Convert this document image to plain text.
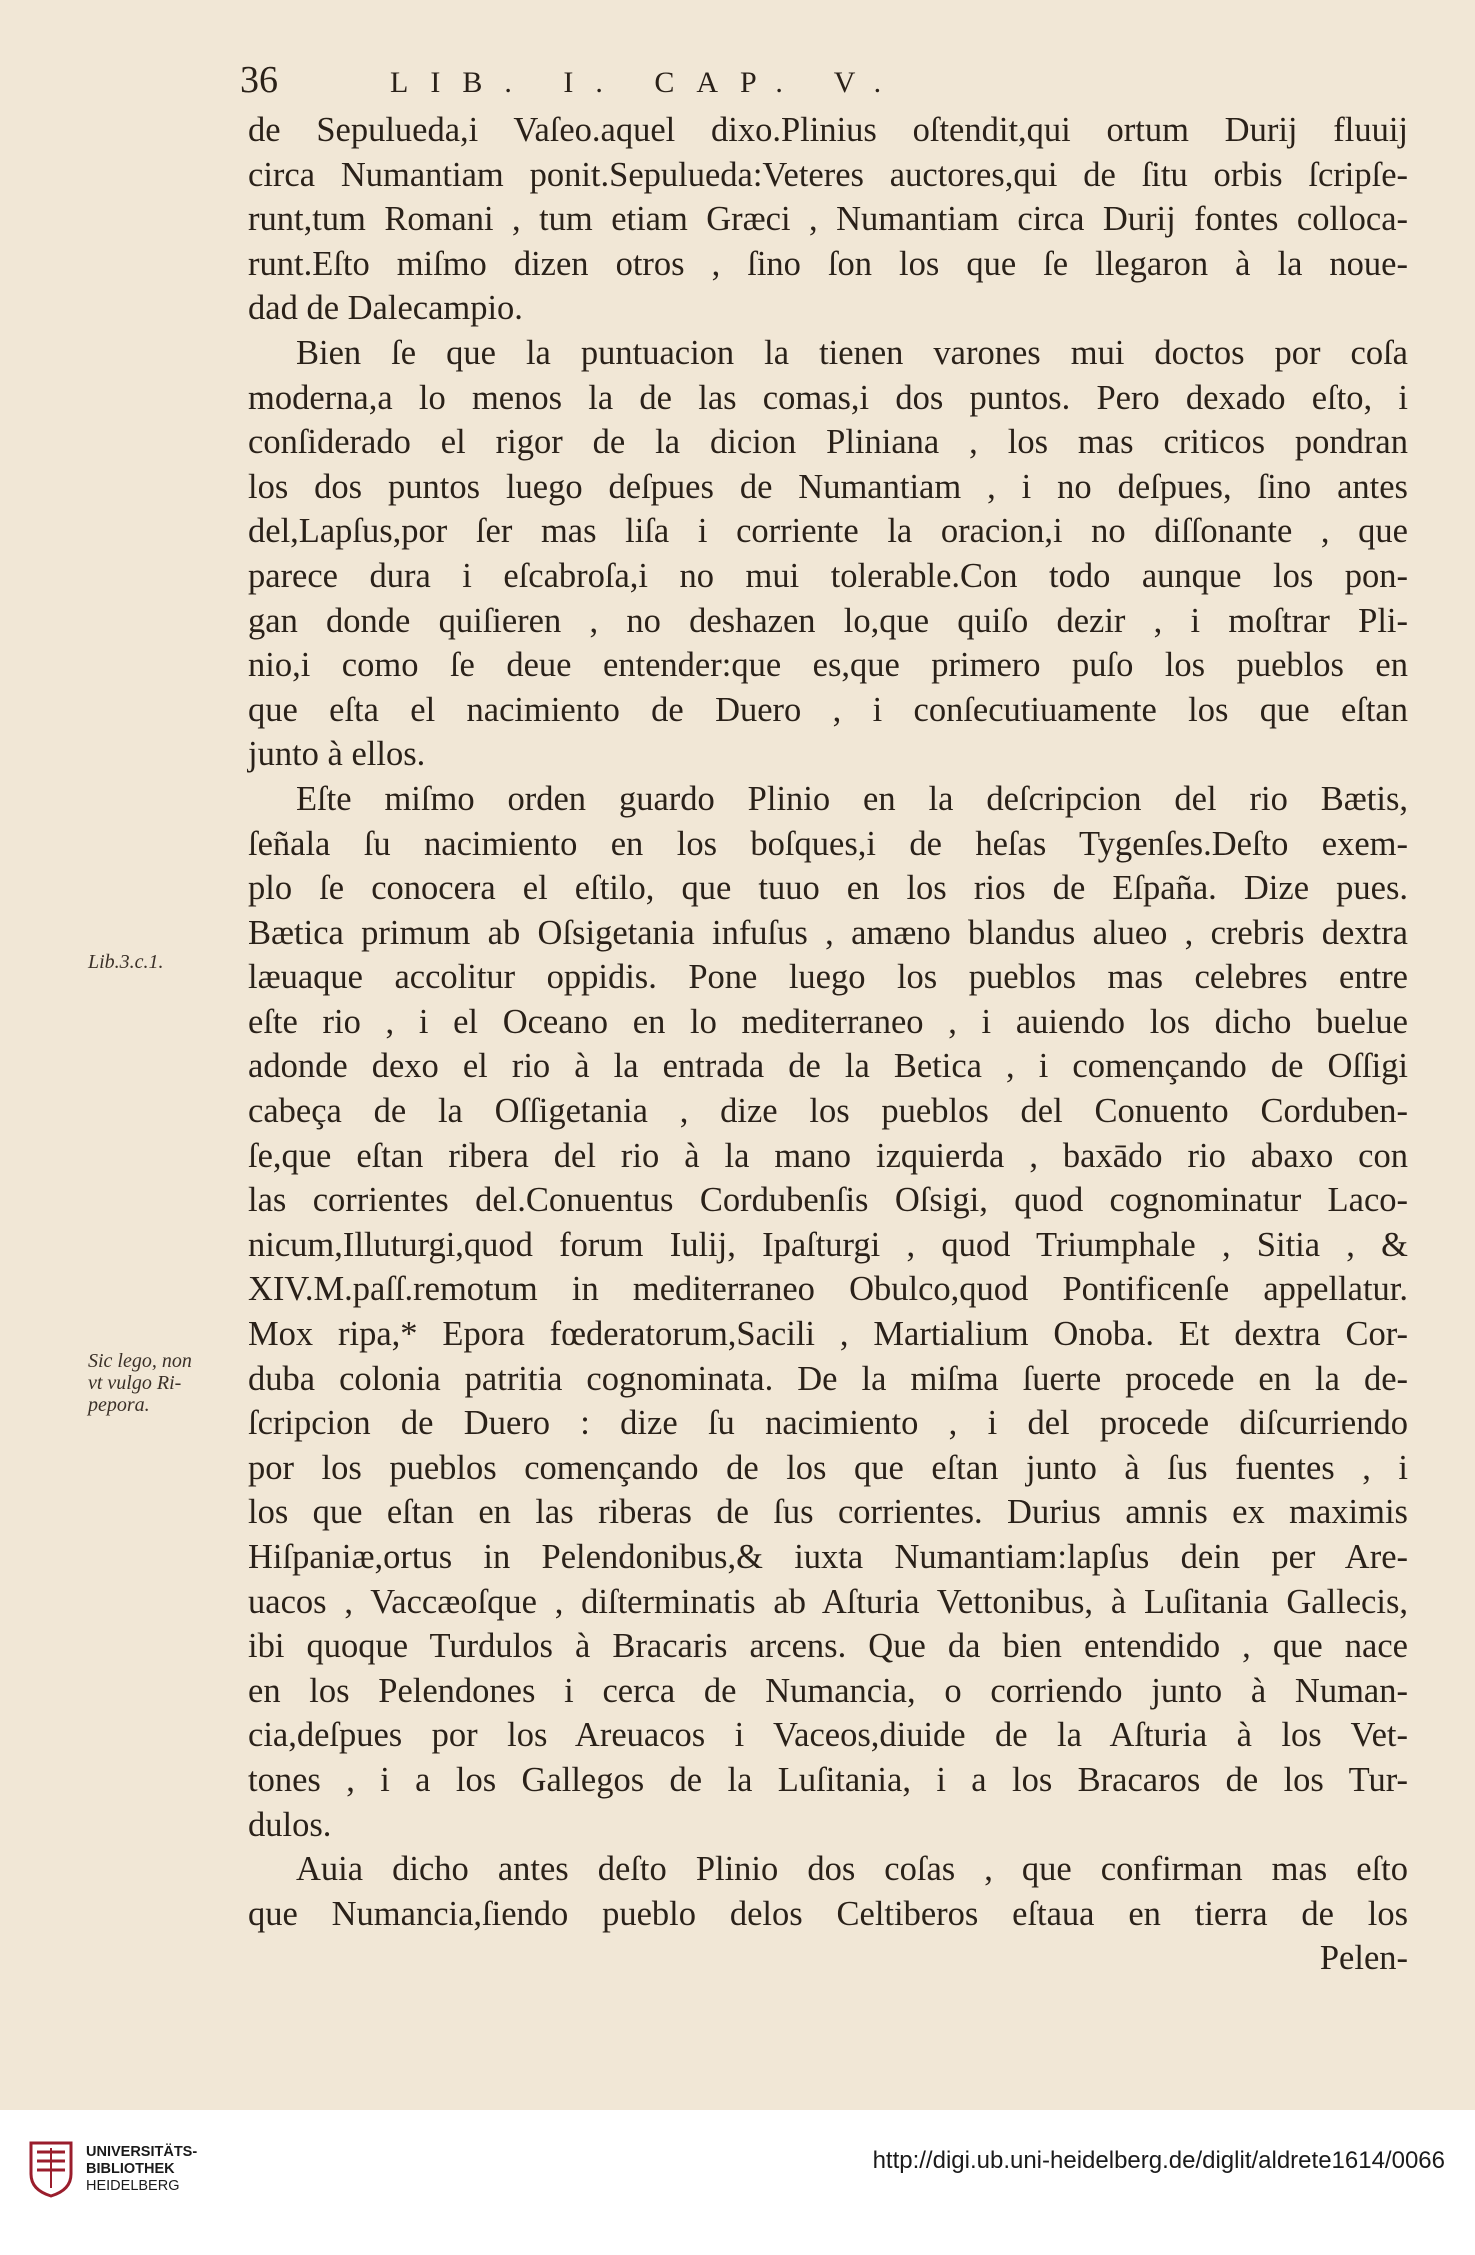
36	LIB. I. CAP. V.
de Sepulueda,i Vaſeo.aquel dixo.Plinius oſtendit,qui ortum Durij fluuij
circa Numantiam ponit.Sepulueda:Veteres auctores,qui de ſitu orbis ſcripſe-
runt,tum Romani , tum etiam Græci , Numantiam circa Durij fontes colloca-
runt.Eſto miſmo dizen otros , ſino ſon los que ſe llegaron à la noue-
dad de Dalecampio.
Bien ſe que la puntuacion la tienen varones mui doctos por coſa
moderna,a lo menos la de las comas,i dos puntos. Pero dexado eſto, i
conſiderado el rigor de la dicion Pliniana , los mas criticos pondran
los dos puntos luego deſpues de Numantiam , i no deſpues, ſino antes
del,Lapſus,por ſer mas liſa i corriente la oracion,i no diſſonante , que
parece dura i eſcabroſa,i no mui tolerable.Con todo aunque los pon-
gan donde quiſieren , no deshazen lo,que quiſo dezir , i moſtrar Pli-
nio,i como ſe deue entender:que es,que primero puſo los pueblos en
que eſta el nacimiento de Duero , i conſecutiuamente los que eſtan
junto à ellos.
Eſte miſmo orden guardo Plinio en la deſcripcion del rio Bætis,
ſeñala ſu nacimiento en los boſques,i de heſas Tygenſes.Deſto exem-
plo ſe conocera el eſtilo, que tuuo en los rios de Eſpaña. Dize pues.
Bætica primum ab Oſsigetania infuſus , amæno blandus alueo , crebris dextra
læuaque accolitur oppidis. Pone luego los pueblos mas celebres entre
eſte rio , i el Oceano en lo mediterraneo , i auiendo los dicho buelue
adonde dexo el rio à la entrada de la Betica , i començando de Oſſigi
cabeça de la Oſſigetania , dize los pueblos del Conuento Corduben-
ſe,que eſtan ribera del rio à la mano izquierda , baxādo rio abaxo con
las corrientes del.Conuentus Cordubenſis Oſsigi, quod cognominatur Laco-
nicum,Illuturgi,quod forum Iulij, Ipaſturgi , quod Triumphale , Sitia , &
XIV.M.paſſ.remotum in mediterraneo Obulco,quod Pontificenſe appellatur.
Mox ripa,* Epora fœderatorum,Sacili , Martialium Onoba. Et dextra Cor-
duba colonia patritia cognominata. De la miſma ſuerte procede en la de-
ſcripcion de Duero : dize ſu nacimiento , i del procede diſcurriendo
por los pueblos començando de los que eſtan junto à ſus fuentes , i
los que eſtan en las riberas de ſus corrientes. Durius amnis ex maximis
Hiſpaniæ,ortus in Pelendonibus,& iuxta Numantiam:lapſus dein per Are-
uacos , Vaccæoſque , diſterminatis ab Aſturia Vettonibus, à Luſitania Gallecis,
ibi quoque Turdulos à Bracaris arcens. Que da bien entendido , que nace
en los Pelendones i cerca de Numancia, o corriendo junto à Numan-
cia,deſpues por los Areuacos i Vaceos,diuide de la Aſturia à los Vet-
tones , i a los Gallegos de la Luſitania, i a los Bracaros de los Tur-
dulos.
Auia dicho antes deſto Plinio dos coſas , que confirman mas eſto
que Numancia,ſiendo pueblo delos Celtiberos eſtaua en tierra de los
Pelen-
Lib.3.c.1.
Sic lego, non
vt vulgo Ri-
pepora.
UNIVERSITÄTS-
BIBLIOTHEK
HEIDELBERG
http://digi.ub.uni-heidelberg.de/diglit/aldrete1614/0066
